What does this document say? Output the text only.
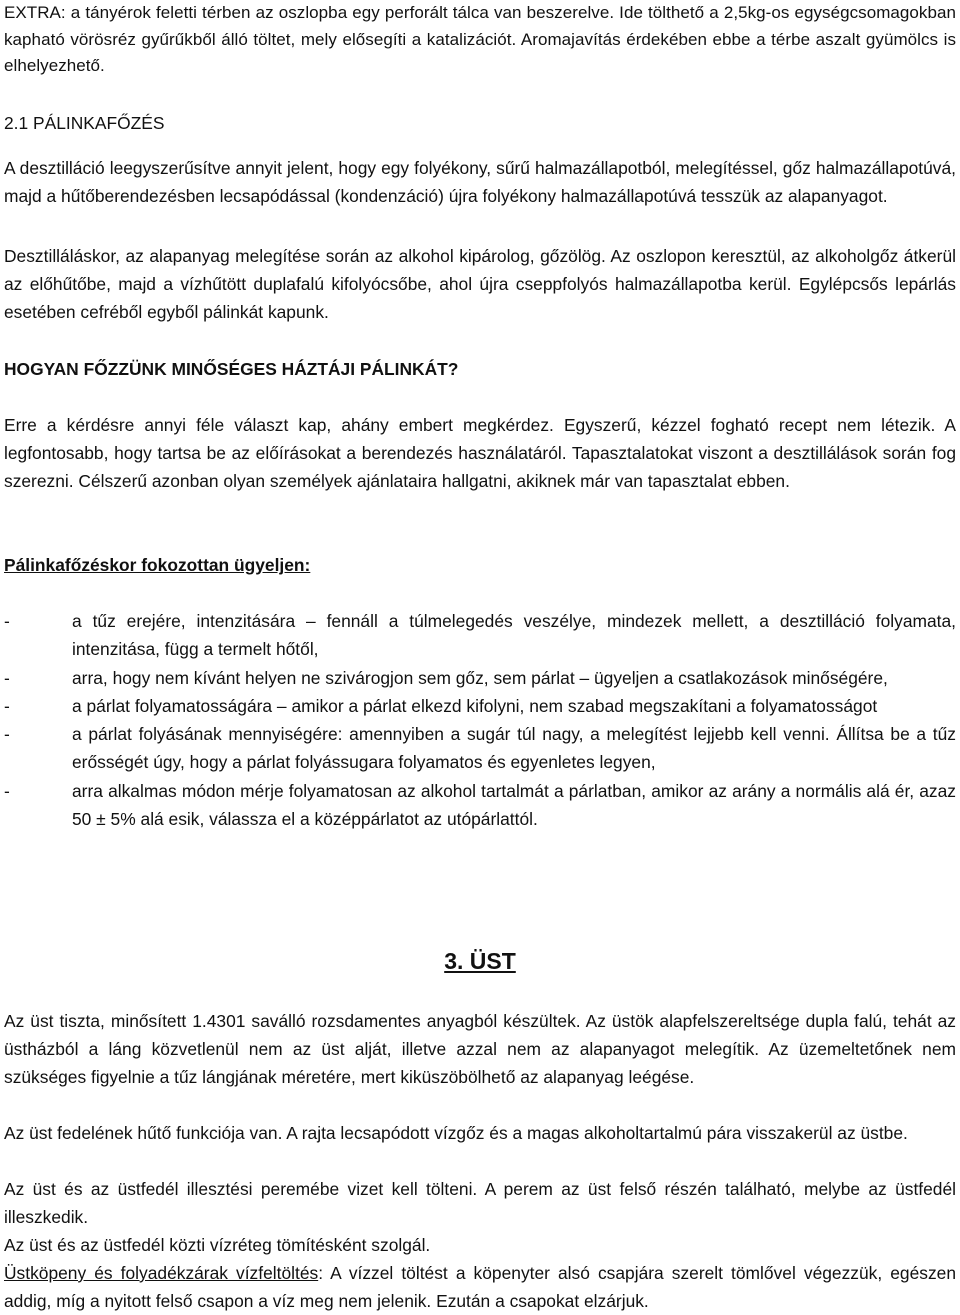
EXTRA: a tányérok feletti térben az oszlopba egy perforált tálca van beszerelve. Ide tölthető a 2,5kg-os egységcsomagokban kapható vörösréz gyűrűkből álló töltet, mely elősegíti a katalizációt. Aromajavítás érdekében ebbe a térbe aszalt gyümölcs is elhelyezhető.

2.1 PÁLINKAFŐZÉS

A desztilláció leegyszerűsítve annyit jelent, hogy egy folyékony, sűrű halmazállapotból, melegítéssel, gőz halmazállapotúvá, majd a hűtőberendezésben lecsapódással (kondenzáció) újra folyékony halmazállapotúvá tesszük az alapanyagot.

Desztilláláskor, az alapanyag melegítése során az alkohol kipárolog, gőzölög. Az oszlopon keresztül, az alkoholgőz átkerül az előhűtőbe, majd a vízhűtött duplafalú kifolyócsőbe, ahol újra cseppfolyós halmazállapotba kerül. Egylépcsős lepárlás esetében cefréből egyből pálinkát kapunk.

HOGYAN FŐZZÜNK MINŐSÉGES HÁZTÁJI PÁLINKÁT?

Erre a kérdésre annyi féle választ kap, ahány embert megkérdez. Egyszerű, kézzel fogható recept nem létezik. A legfontosabb, hogy tartsa be az előírásokat a berendezés használatáról. Tapasztalatokat viszont a desztillálások során fog szerezni. Célszerű azonban olyan személyek ajánlataira hallgatni, akiknek már van tapasztalat ebben.

Pálinkafőzéskor fokozottan ügyeljen:
-	a tűz erejére, intenzitására – fennáll a túlmelegedés veszélye, mindezek mellett, a desztilláció folyamata, intenzitása, függ a termelt hőtől,
-	arra, hogy nem kívánt helyen ne szivárogjon sem gőz, sem párlat – ügyeljen a csatlakozások minőségére,
-	a párlat folyamatosságára – amikor a párlat elkezd kifolyni, nem szabad megszakítani a folyamatosságot
-	a párlat folyásának mennyiségére: amennyiben a sugár túl nagy, a melegítést lejjebb kell venni. Állítsa be a tűz erősségét úgy, hogy a párlat folyássugara folyamatos és egyenletes legyen,
-	arra alkalmas módon mérje folyamatosan az alkohol tartalmát a párlatban, amikor az arány a normális alá ér, azaz 50 ± 5% alá esik, válassza el a középpárlatot az utópárlattól.
3. ÜST

Az üst tiszta, minősített 1.4301 saválló rozsdamentes anyagból készültek. Az üstök alapfelszereltsége dupla falú, tehát az üstházból a láng közvetlenül nem az üst alját, illetve azzal nem az alapanyagot melegítik. Az üzemeltetőnek nem szükséges figyelnie a tűz lángjának méretére, mert kiküszöbölhető az alapanyag leégése.

Az üst fedelének hűtő funkciója van. A rajta lecsapódott vízgőz és a magas alkoholtartalmú pára visszakerül az üstbe.

Az üst és az üstfedél illesztési peremébe vizet kell tölteni. A perem az üst felső részén található, melybe az üstfedél illeszkedik.

Az üst és az üstfedél közti vízréteg tömítésként szolgál.

Üstköpeny és folyadékzárak vízfeltöltés: A vízzel töltést a köpenyter alsó csapjára szerelt tömlővel végezzük, egészen addig, míg a nyitott felső csapon a víz meg nem jelenik. Ezután a csapokat elzárjuk.
